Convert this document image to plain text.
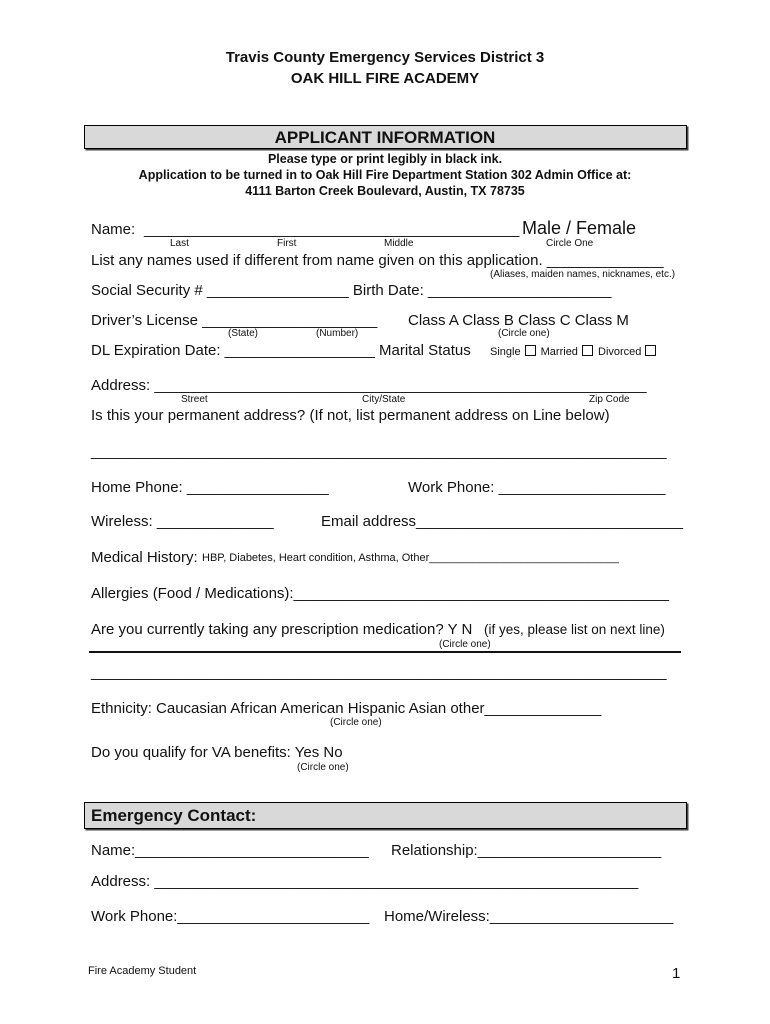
Travis County Emergency Services District 3
OAK HILL FIRE ACADEMY
APPLICANT INFORMATION
Please type or print legibly in black ink.
Application to be turned in to Oak Hill Fire Department Station 302 Admin Office at:
4111 Barton Creek Boulevard, Austin, TX 78735
Name: _____________________________________________ Male / Female
Last	First	Middle	Circle One
List any names used if different from name given on this application. ______________
(Aliases, maiden names, nicknames, etc.)
Social Security # _________________ Birth Date: ______________________
Driver’s License _____________________ Class A Class B Class C Class M
(State)	(Number)	(Circle one)
DL Expiration Date: __________________ Marital Status Single Married Divorced
Address: ___________________________________________________________
Street	City/State	Zip Code
Is this your permanent address? (If not, list permanent address on Line below)
_____________________________________________________________________
Home Phone: _________________	Work Phone: ____________________
Wireless: ______________	Email address________________________________
Medical History: HBP, Diabetes, Heart condition, Asthma, Other_______________________________
Allergies (Food / Medications):_____________________________________________
Are you currently taking any prescription medication? Y N (if yes, please list on next line)
(Circle one)
_____________________________________________________________________
Ethnicity: Caucasian African American Hispanic Asian other______________
(Circle one)
Do you qualify for VA benefits: Yes No
(Circle one)
Emergency Contact:
Name:____________________________ Relationship:______________________
Address: __________________________________________________________
Work Phone:_______________________ Home/Wireless:______________________
Fire Academy Student	1
